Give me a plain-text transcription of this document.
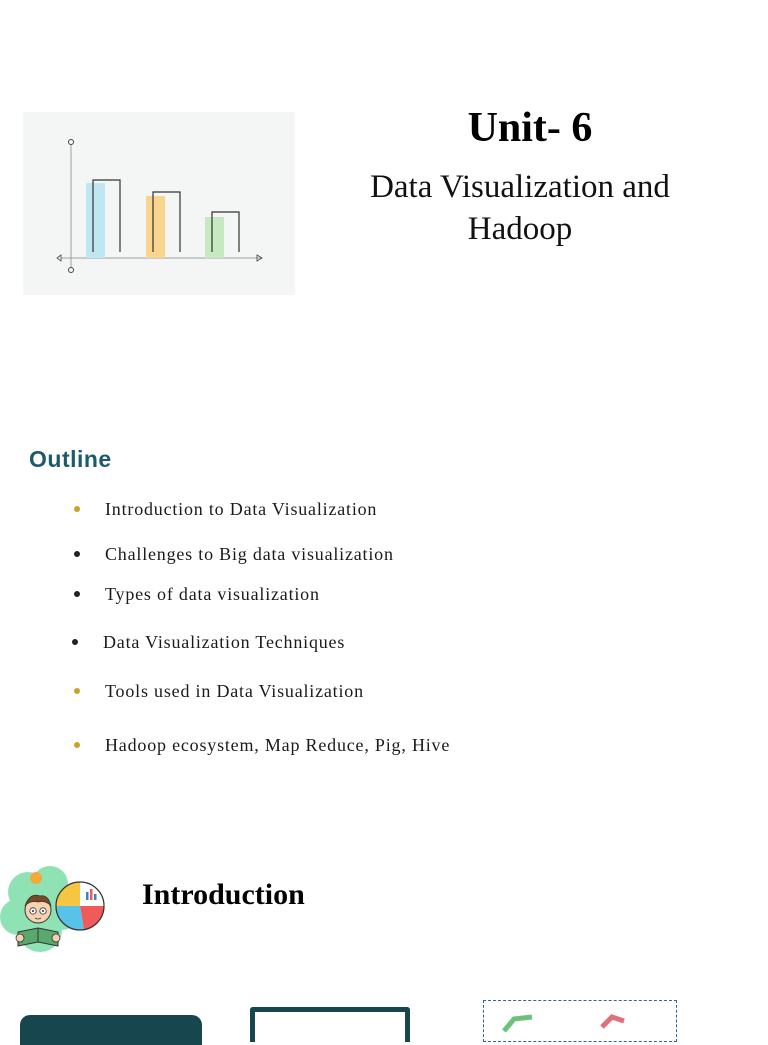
Unit- 6
Data Visualization and
Hadoop
Outline
Introduction to Data Visualization
Challenges to Big data visualization
Types of data visualization
Data Visualization Techniques
Tools used in Data Visualization
Hadoop ecosystem, Map Reduce, Pig, Hive
Introduction
